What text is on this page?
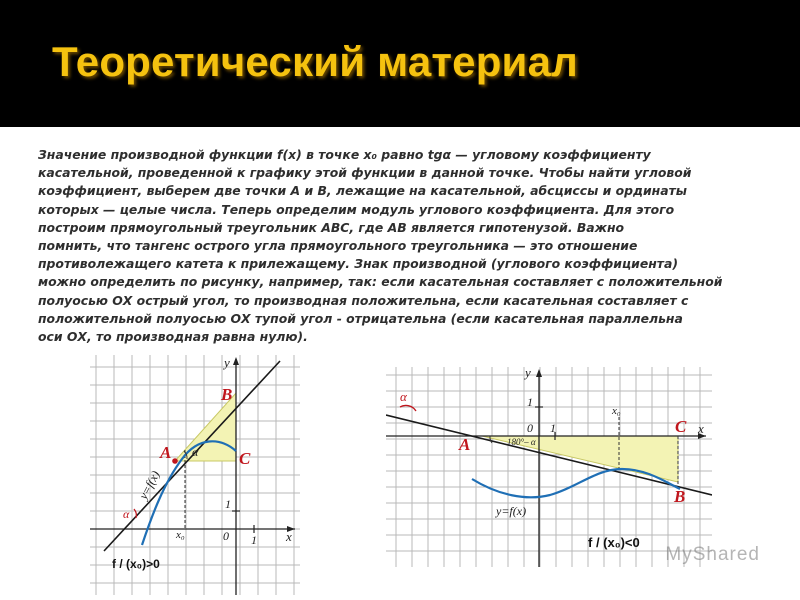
Теоретический материал
Значение производной функции f(x) в точке x₀ равно tgα — угловому коэффициенту
касательной, проведенной к графику этой функции в данной точке. Чтобы найти угловой
коэффициент, выберем две точки А и В, лежащие на касательной, абсциссы и ординаты
которых — целые числа. Теперь определим модуль углового коэффициента. Для этого
построим прямоугольный треугольник АВС, где АВ является гипотенузой. Важно
помнить, что тангенс острого угла прямоугольного треугольника — это отношение
противолежащего катета к прилежащему. Знак производной (углового коэффициента)
можно определить по рисунку, например, так: если касательная составляет с положительной
полуосью ОХ острый угол, то производная положительна, если касательная составляет с
положительной полуосью ОХ тупой угол - отрицательна (если касательная параллельна
оси ОХ, то производная равна нулю).
y
x
B
A	C
α
α
y=f(x)
1
0 1
x₀
f / (x₀)>0
y
x
α	1
0 1
x₀
C
A	180°– α
B
y=f(x)
f / (x₀)<0
MyShared
